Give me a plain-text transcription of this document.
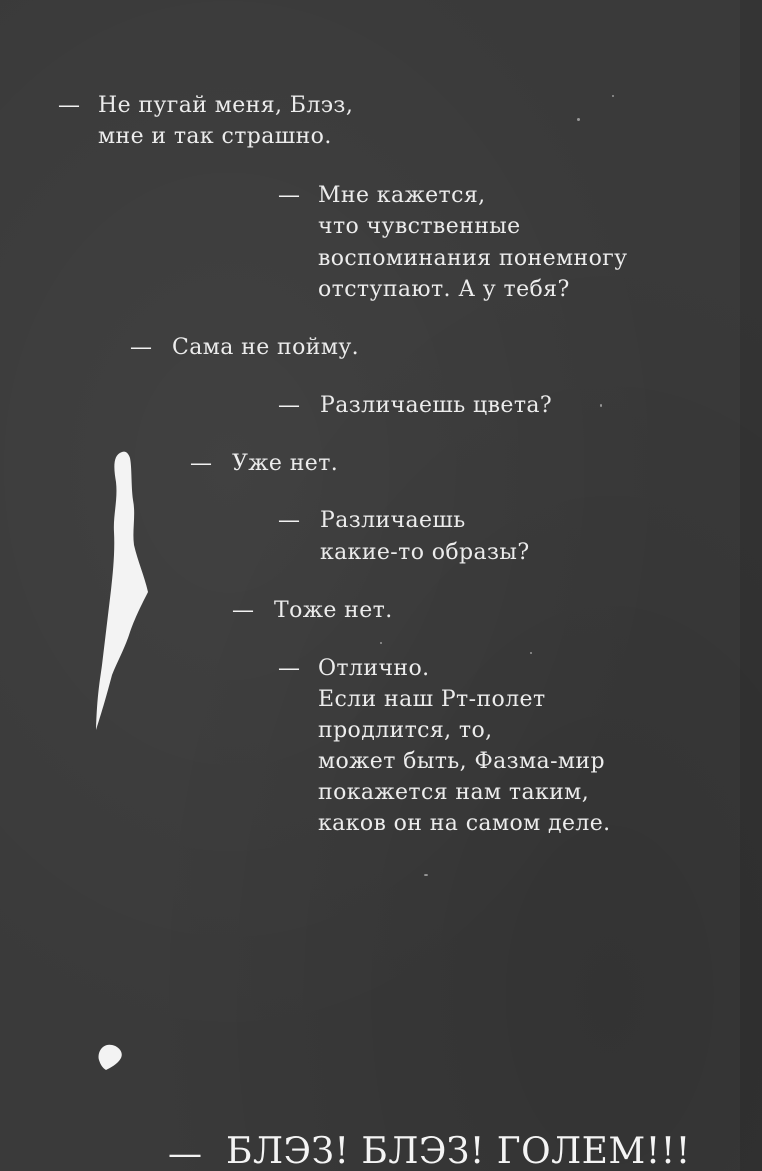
— Не пугай меня, Блэз,
мне и так страшно.
— Мне кажется,
что чувственные
воспоминания понемногу
отступают. А у тебя?
— Сама не пойму.
— Различаешь цвета?
— Уже нет.
— Различаешь
какие-то образы?
— Тоже нет.
— Отлично.
Если наш Рт-полет
продлится, то,
может быть, Фазма-мир
покажется нам таким,
каков он на самом деле.
— БЛЭЗ! БЛЭЗ! ГОЛЕМ!!!
